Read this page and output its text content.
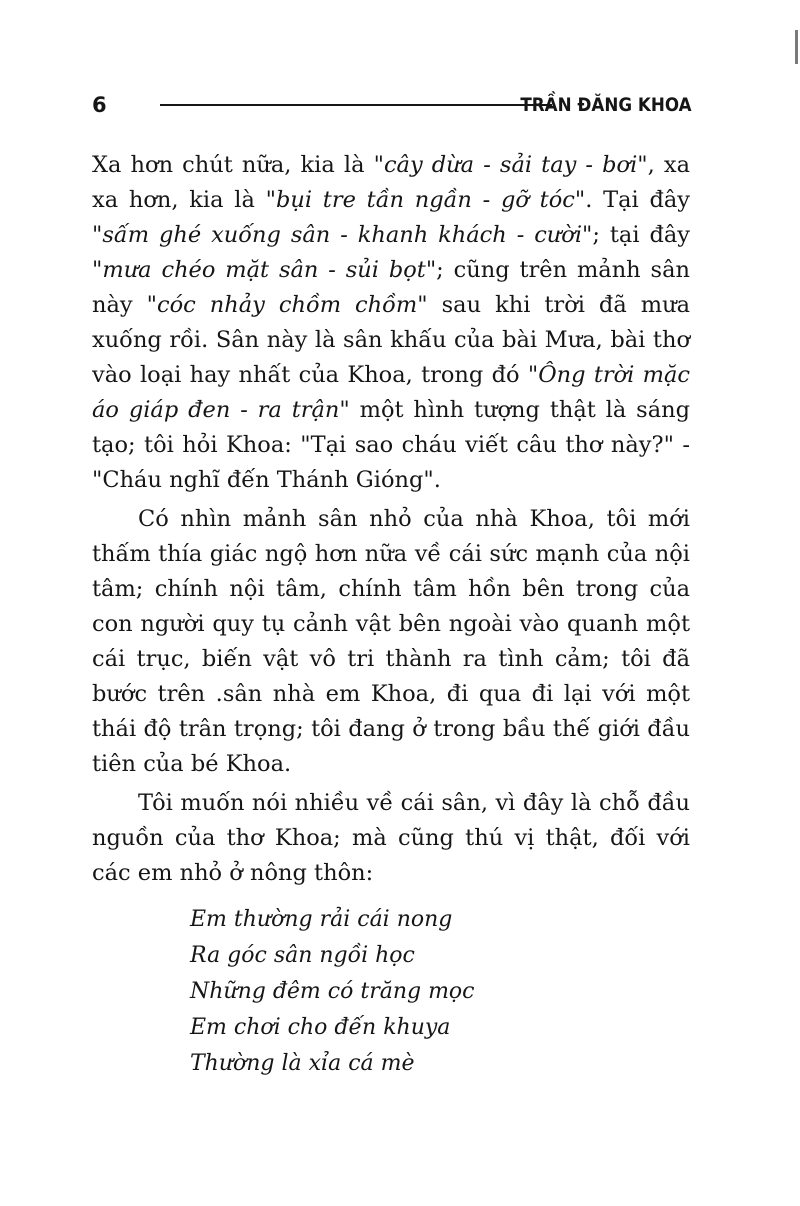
6	TRẦN ĐĂNG KHOA

Xa hơn chút nữa, kia là "cây dừa - sải tay - bơi", xa xa hơn, kia là "bụi tre tần ngần - gỡ tóc". Tại đây "sấm ghé xuống sân - khanh khách - cười"; tại đây "mưa chéo mặt sân - sủi bọt"; cũng trên mảnh sân này "cóc nhảy chồm chồm" sau khi trời đã mưa xuống rồi. Sân này là sân khấu của bài Mưa, bài thơ vào loại hay nhất của Khoa, trong đó "Ông trời mặc áo giáp đen - ra trận" một hình tượng thật là sáng tạo; tôi hỏi Khoa: "Tại sao cháu viết câu thơ này?" - "Cháu nghĩ đến Thánh Gióng".

Có nhìn mảnh sân nhỏ của nhà Khoa, tôi mới thấm thía giác ngộ hơn nữa về cái sức mạnh của nội tâm; chính nội tâm, chính tâm hồn bên trong của con người quy tụ cảnh vật bên ngoài vào quanh một cái trục, biến vật vô tri thành ra tình cảm; tôi đã bước trên .sân nhà em Khoa, đi qua đi lại với một thái độ trân trọng; tôi đang ở trong bầu thế giới đầu tiên của bé Khoa.

Tôi muốn nói nhiều về cái sân, vì đây là chỗ đầu nguồn của thơ Khoa; mà cũng thú vị thật, đối với các em nhỏ ở nông thôn:

Em thường rải cái nong
Ra góc sân ngồi học
Những đêm có trăng mọc
Em chơi cho đến khuya
Thường là xỉa cá mè
